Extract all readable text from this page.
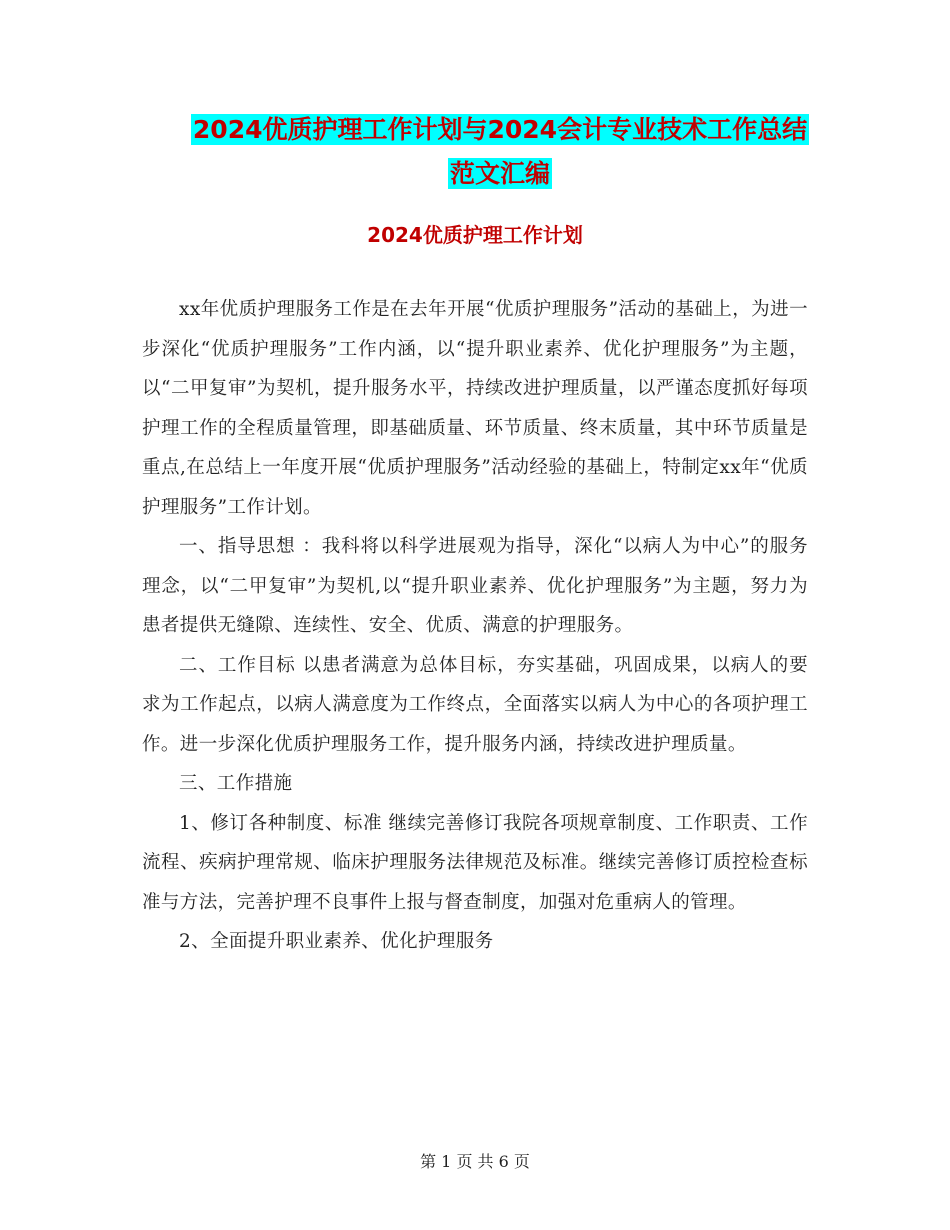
2024优质护理工作计划与2024会计专业技术工作总结
范文汇编
2024优质护理工作计划

xx年优质护理服务工作是在去年开展“优质护理服务”活动的基础上，为进一步深化“优质护理服务”工作内涵，以“提升职业素养、优化护理服务”为主题，以“二甲复审”为契机，提升服务水平，持续改进护理质量，以严谨态度抓好每项护理工作的全程质量管理，即基础质量、环节质量、终末质量，其中环节质量是重点,在总结上一年度开展“优质护理服务”活动经验的基础上，特制定xx年“优质护理服务”工作计划。

一、指导思想 ：我科将以科学进展观为指导，深化“以病人为中心”的服务理念，以“二甲复审”为契机,以“提升职业素养、优化护理服务”为主题，努力为患者提供无缝隙、连续性、安全、优质、满意的护理服务。

二、工作目标 以患者满意为总体目标，夯实基础，巩固成果，以病人的要求为工作起点，以病人满意度为工作终点，全面落实以病人为中心的各项护理工作。进一步深化优质护理服务工作，提升服务内涵，持续改进护理质量。

三、工作措施

1、修订各种制度、标准 继续完善修订我院各项规章制度、工作职责、工作流程、疾病护理常规、临床护理服务法律规范及标准。继续完善修订质控检查标准与方法，完善护理不良事件上报与督查制度，加强对危重病人的管理。

2、全面提升职业素养、优化护理服务

第 1 页 共 6 页
